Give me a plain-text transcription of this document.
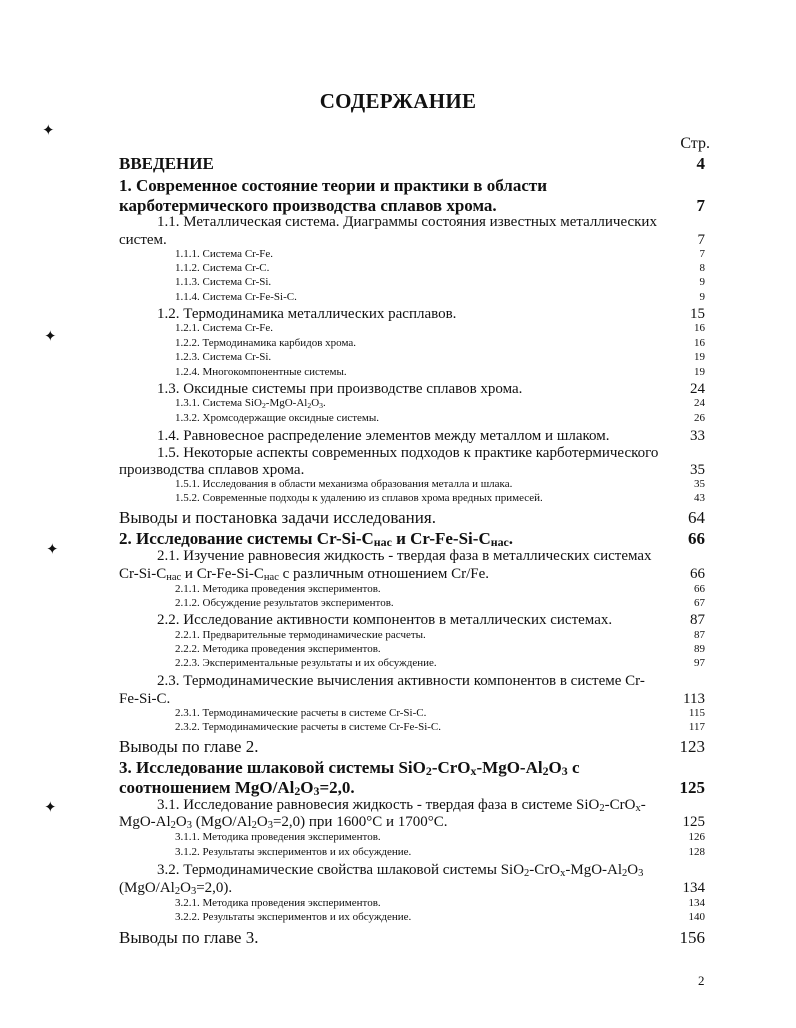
СОДЕРЖАНИЕ
Стр.
ВВЕДЕНИЕ	4
1. Современное состояние теории и практики в области
карботермического производства сплавов хрома.	7
1.1. Металлическая система. Диаграммы состояния известных металлических
систем.	7
1.1.1. Система Cr-Fe.	7
1.1.2. Система Cr-C.	8
1.1.3. Система Cr-Si.	9
1.1.4. Система Cr-Fe-Si-C.	9
1.2. Термодинамика металлических расплавов.	15
1.2.1. Система Cr-Fe.	16
1.2.2. Термодинамика карбидов хрома.	16
1.2.3. Система Cr-Si.	19
1.2.4. Многокомпонентные системы.	19
1.3. Оксидные системы при производстве сплавов хрома.	24
1.3.1. Система $SiO_2-MgO-Al_2O_3$.	24
1.3.2. Хромсодержащие оксидные системы.	26
1.4. Равновесное распределение элементов между металлом и шлаком.	33
1.5. Некоторые аспекты современных подходов к практике карботермического
производства сплавов хрома.	35
1.5.1. Исследования в области механизма образования металла и шлака.	35
1.5.2. Современные подходы к удалению из сплавов хрома вредных примесей.	43
Выводы и постановка задачи исследования.	64
2. Исследование системы $Cr-Si-C_{нас}$ и $Cr-Fe-Si-C_{нас}$.	66
2.1. Изучение равновесия жидкость - твердая фаза в металлических системах
$Cr-Si-C_{нас}$ и $Cr-Fe-Si-C_{нас}$ с различным отношением Cr/Fe.	66
2.1.1. Методика проведения экспериментов.	66
2.1.2. Обсуждение результатов экспериментов.	67
2.2. Исследование активности компонентов в металлических системах.	87
2.2.1. Предварительные термодинамические расчеты.	87
2.2.2. Методика проведения экспериментов.	89
2.2.3. Экспериментальные результаты и их обсуждение.	97
2.3. Термодинамические вычисления активности компонентов в системе Cr-
Fe-Si-C.	113
2.3.1. Термодинамические расчеты в системе Cr-Si-C.	115
2.3.2. Термодинамические расчеты в системе Cr-Fe-Si-C.	117
Выводы по главе 2.	123
3. Исследование шлаковой системы $SiO_2-CrO_x-MgO-Al_2O_3$ с
соотношением MgO/$Al_2O_3=2,0$.	125
3.1. Исследование равновесия жидкость - твердая фаза в системе SiO$_2$-CrO$_x$-
MgO-$Al_2O_3$ $(MgO/Al_2O_3=2,0)$ при 1600°C и 1700°C.	125
3.1.1. Методика проведения экспериментов.	126
3.1.2. Результаты экспериментов и их обсуждение.	128
3.2. Термодинамические свойства шлаковой системы $SiO_2-CrO_x-MgO-Al_2O_3$
$(MgO/Al_2O_3=2,0)$.	134
3.2.1. Методика проведения экспериментов.	134
3.2.2. Результаты экспериментов и их обсуждение.	140
Выводы по главе 3.	156
2
✦
✦
✦
✦
